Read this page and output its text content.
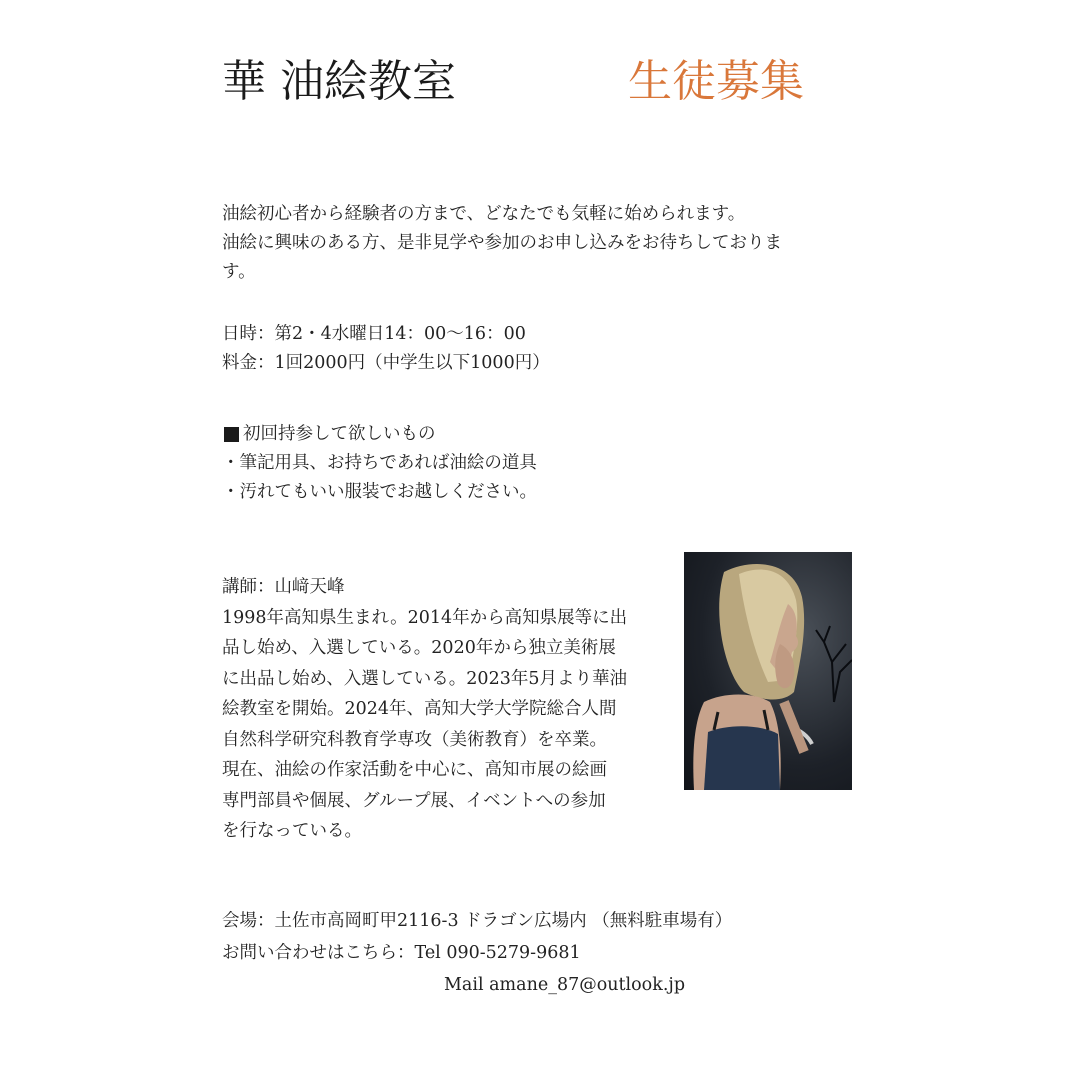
華 油絵教室	生徒募集
油絵初心者から経験者の方まで、どなたでも気軽に始められます。
油絵に興味のある方、是非見学や参加のお申し込みをお待ちしておりま
す。
日時：第2・4水曜日14：00〜16：00
料金：1回2000円（中学生以下1000円）
初回持参して欲しいもの
・筆記用具、お持ちであれば油絵の道具
・汚れてもいい服装でお越しください。
講師：山﨑天峰
1998年高知県生まれ。2014年から高知県展等に出
品し始め、入選している。2020年から独立美術展
に出品し始め、入選している。2023年5月より華油
絵教室を開始。2024年、高知大学大学院総合人間
自然科学研究科教育学専攻（美術教育）を卒業。
現在、油絵の作家活動を中心に、高知市展の絵画
専門部員や個展、グループ展、イベントへの参加
を行なっている。
会場：土佐市高岡町甲2116-3 ドラゴン広場内 （無料駐車場有）
お問い合わせはこちら：Tel 090-5279-9681
Mail amane_87@outlook.jp
